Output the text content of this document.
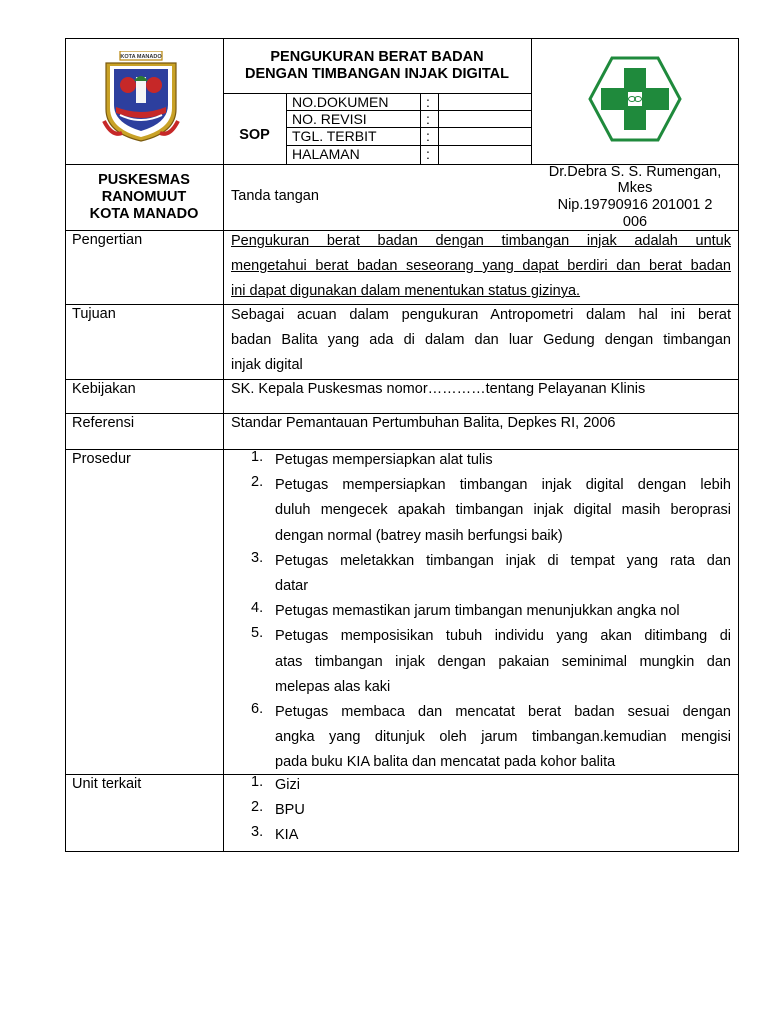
KOTA MANADO	PENGUKURAN BERAT BADAN
DENGAN TIMBANGAN INJAK DIGITAL
SOP
NO.DOKUMEN	:
NO. REVISI	:
TGL. TERBIT	:
HALAMAN	:
PUSKESMAS
RANOMUUT
KOTA MANADO
Tanda tangan
Dr.Debra S. S. Rumengan,
Mkes
Nip.19790916 201001 2
006
Pengertian	Pengukuran berat badan dengan timbangan injak adalah untuk
mengetahui berat badan seseorang yang dapat berdiri dan berat badan
ini dapat digunakan dalam menentukan status gizinya.
Tujuan	Sebagai acuan dalam pengukuran Antropometri dalam hal ini berat
badan Balita yang ada di dalam dan luar Gedung dengan timbangan
injak digital
Kebijakan	SK. Kepala Puskesmas nomor…………tentang Pelayanan Klinis
Referensi	Standar Pemantauan Pertumbuhan Balita, Depkes RI, 2006
Prosedur	1. Petugas mempersiapkan alat tulis
2. Petugas mempersiapkan timbangan injak digital dengan lebih
duluh mengecek apakah timbangan injak digital masih beroprasi
dengan normal (batrey masih berfungsi baik)
3. Petugas meletakkan timbangan injak di tempat yang rata dan
datar
4. Petugas memastikan jarum timbangan menunjukkan angka nol
5. Petugas memposisikan tubuh individu yang akan ditimbang di
atas timbangan injak dengan pakaian seminimal mungkin dan
melepas alas kaki
6. Petugas membaca dan mencatat berat badan sesuai dengan
angka yang ditunjuk oleh jarum timbangan.kemudian mengisi
pada buku KIA balita dan mencatat pada kohor balita
Unit terkait	1. Gizi
2. BPU
3. KIA
